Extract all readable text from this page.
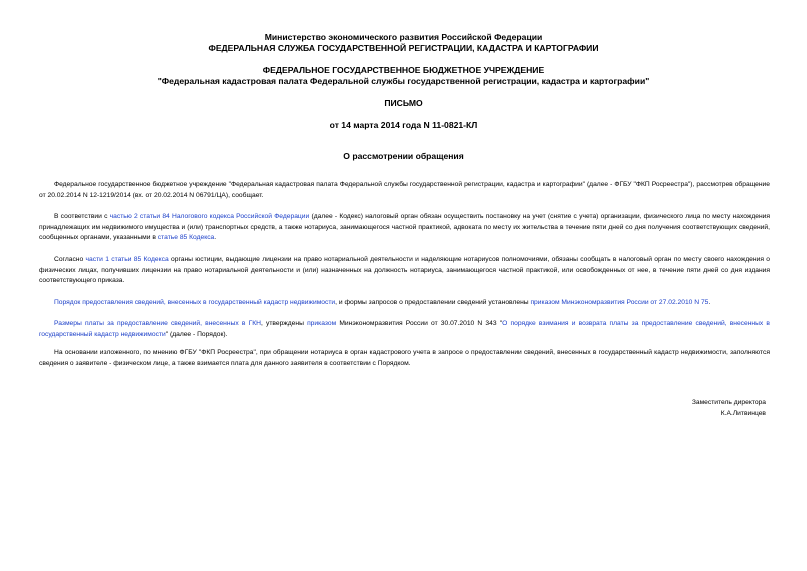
Министерство экономического развития Российской Федерации
ФЕДЕРАЛЬНАЯ СЛУЖБА ГОСУДАРСТВЕННОЙ РЕГИСТРАЦИИ, КАДАСТРА И КАРТОГРАФИИ
ФЕДЕРАЛЬНОЕ ГОСУДАРСТВЕННОЕ БЮДЖЕТНОЕ УЧРЕЖДЕНИЕ
"Федеральная кадастровая палата Федеральной службы государственной регистрации, кадастра и картографии"
ПИСЬМО
от 14 марта 2014 года N 11-0821-КЛ
О рассмотрении обращения

Федеральное государственное бюджетное учреждение "Федеральная кадастровая палата Федеральной службы государственной регистрации, кадастра и картографии" (далее - ФГБУ "ФКП Росреестра"), рассмотрев обращение от 20.02.2014 N 12-1219/2014 (вх. от 20.02.2014 N 06791/ЦА), сообщает.

В соответствии с частью 2 статьи 84 Налогового кодекса Российской Федерации (далее - Кодекс) налоговый орган обязан осуществить постановку на учет (снятие с учета) организации, физического лица по месту нахождения принадлежащих им недвижимого имущества и (или) транспортных средств, а также нотариуса, занимающегося частной практикой, адвоката по месту их жительства в течение пяти дней со дня получения соответствующих сведений, сообщенных органами, указанными в статье 85 Кодекса.

Согласно части 1 статьи 85 Кодекса органы юстиции, выдающие лицензии на право нотариальной деятельности и наделяющие нотариусов полномочиями, обязаны сообщать в налоговый орган по месту своего нахождения о физических лицах, получивших лицензии на право нотариальной деятельности и (или) назначенных на должность нотариуса, занимающегося частной практикой, или освобожденных от нее, в течение пяти дней со дня издания соответствующего приказа.

Порядок предоставления сведений, внесенных в государственный кадастр недвижимости, и формы запросов о предоставлении сведений установлены приказом Минэкономразвития России от 27.02.2010 N 75.

Размеры платы за предоставление сведений, внесенных в ГКН, утверждены приказом Минэкономразвития России от 30.07.2010 N 343 "О порядке взимания и возврата платы за предоставление сведений, внесенных в государственный кадастр недвижимости" (далее - Порядок).

На основании изложенного, по мнению ФГБУ "ФКП Росреестра", при обращении нотариуса в орган кадастрового учета в запросе о предоставлении сведений, внесенных в государственный кадастр недвижимости, заполняются сведения о заявителе - физическом лице, а также взимается плата для данного заявителя в соответствии с Порядком.

Заместитель директора
К.А.Литвинцев
